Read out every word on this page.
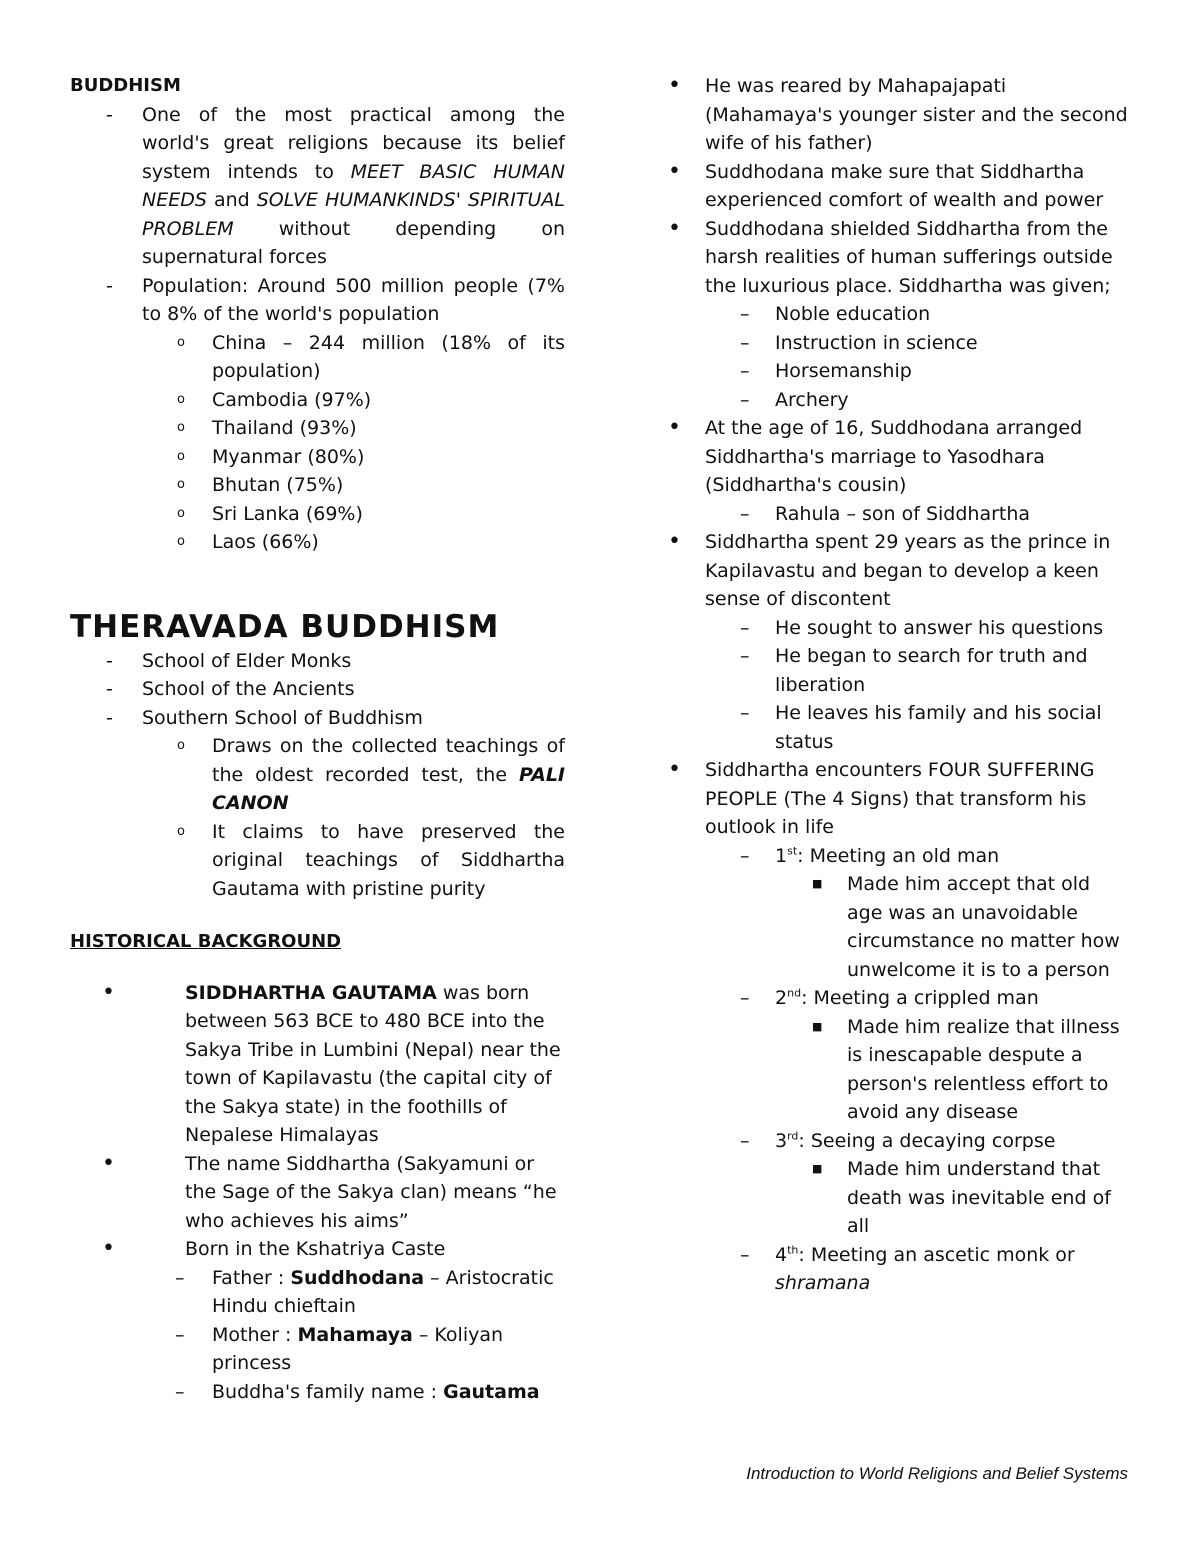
BUDDHISM
- One of the most practical among the world's great religions because its belief system intends to MEET BASIC HUMAN NEEDS and SOLVE HUMANKINDS' SPIRITUAL PROBLEM without depending on supernatural forces
- Population: Around 500 million people (7% to 8% of the world's population
o China – 244 million (18% of its population)
o Cambodia (97%)
o Thailand (93%)
o Myanmar (80%)
o Bhutan (75%)
o Sri Lanka (69%)
o Laos (66%)
THERAVADA BUDDHISM
- School of Elder Monks
- School of the Ancients
- Southern School of Buddhism
o Draws on the collected teachings of the oldest recorded test, the PALI CANON
o It claims to have preserved the original teachings of Siddhartha Gautama with pristine purity
HISTORICAL BACKGROUND
•	SIDDHARTHA GAUTAMA was born between 563 BCE to 480 BCE into the Sakya Tribe in Lumbini (Nepal) near the town of Kapilavastu (the capital city of the Sakya state) in the foothills of Nepalese Himalayas
•	The name Siddhartha (Sakyamuni or the Sage of the Sakya clan) means “he who achieves his aims”
•	Born in the Kshatriya Caste
– Father : Suddhodana – Aristocratic Hindu chieftain
– Mother : Mahamaya – Koliyan princess
– Buddha's family name : Gautama
• He was reared by Mahapajapati (Mahamaya's younger sister and the second wife of his father)
• Suddhodana make sure that Siddhartha experienced comfort of wealth and power
• Suddhodana shielded Siddhartha from the harsh realities of human sufferings outside the luxurious place. Siddhartha was given;
– Noble education
– Instruction in science
– Horsemanship
– Archery
• At the age of 16, Suddhodana arranged Siddhartha's marriage to Yasodhara (Siddhartha's cousin)
– Rahula – son of Siddhartha
• Siddhartha spent 29 years as the prince in Kapilavastu and began to develop a keen sense of discontent
– He sought to answer his questions
– He began to search for truth and liberation
– He leaves his family and his social status
• Siddhartha encounters FOUR SUFFERING PEOPLE (The 4 Signs) that transform his outlook in life
– 1st: Meeting an old man
■ Made him accept that old age was an unavoidable circumstance no matter how unwelcome it is to a person
– 2nd: Meeting a crippled man
■ Made him realize that illness is inescapable despute a person's relentless effort to avoid any disease
– 3rd: Seeing a decaying corpse
■ Made him understand that death was inevitable end of all
– 4th: Meeting an ascetic monk or shramana
Introduction to World Religions and Belief Systems
